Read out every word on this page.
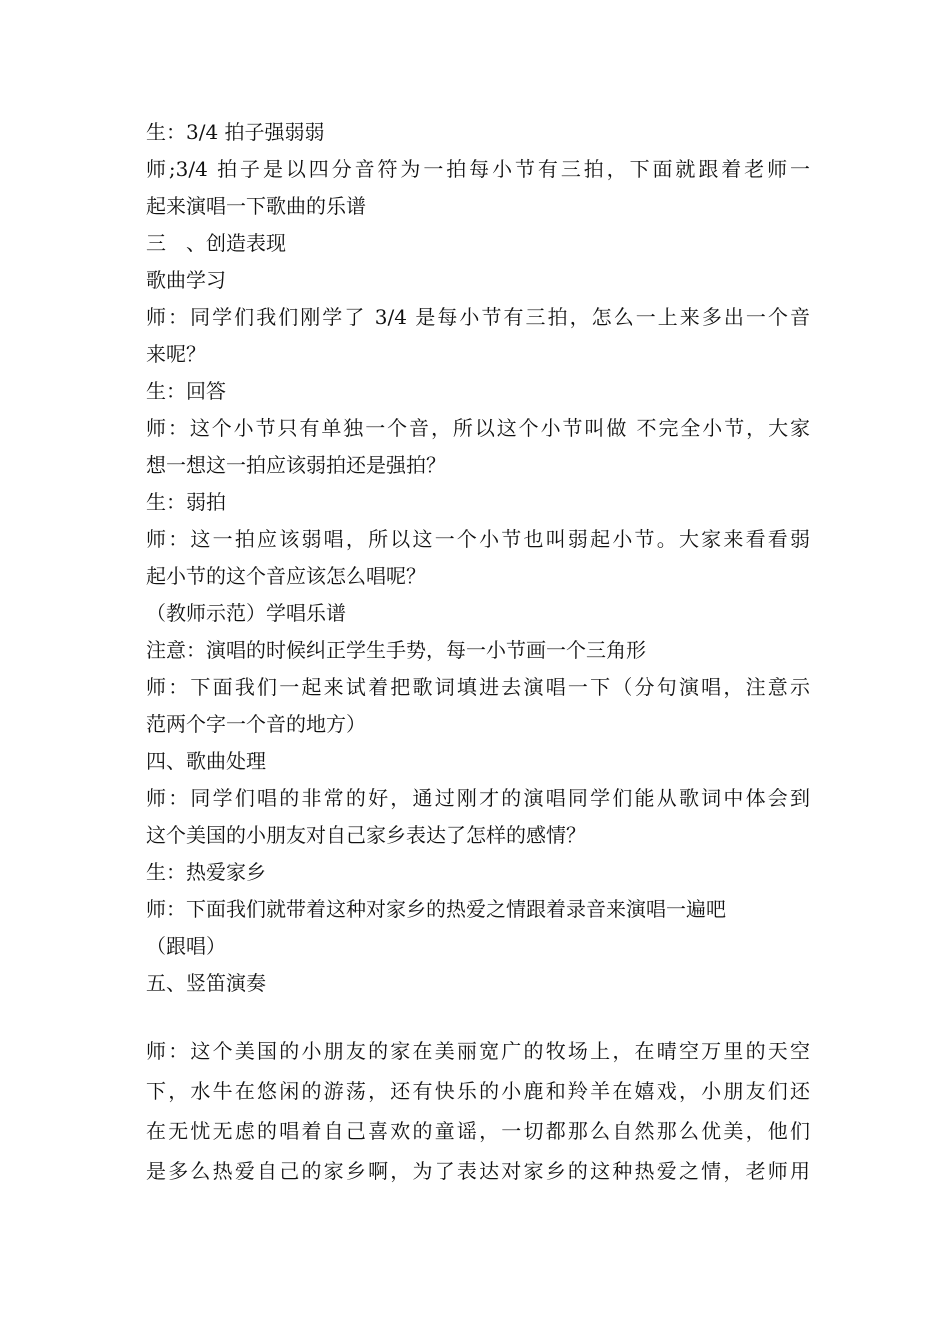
生：3/4 拍子强弱弱
师;3/4 拍子是以四分音符为一拍每小节有三拍，下面就跟着老师一
起来演唱一下歌曲的乐谱
三　、创造表现
歌曲学习
师：同学们我们刚学了 3/4 是每小节有三拍，怎么一上来多出一个音
来呢？
生：回答
师：这个小节只有单独一个音，所以这个小节叫做 不完全小节，大家
想一想这一拍应该弱拍还是强拍？
生：弱拍
师：这一拍应该弱唱，所以这一个小节也叫弱起小节。大家来看看弱
起小节的这个音应该怎么唱呢？
（教师示范）学唱乐谱
注意：演唱的时候纠正学生手势，每一小节画一个三角形
师：下面我们一起来试着把歌词填进去演唱一下（分句演唱，注意示
范两个字一个音的地方）
四、歌曲处理
师：同学们唱的非常的好，通过刚才的演唱同学们能从歌词中体会到
这个美国的小朋友对自己家乡表达了怎样的感情？
生：热爱家乡
师：下面我们就带着这种对家乡的热爱之情跟着录音来演唱一遍吧
（跟唱）
五、竖笛演奏
师：这个美国的小朋友的家在美丽宽广的牧场上，在晴空万里的天空
下，水牛在悠闲的游荡，还有快乐的小鹿和羚羊在嬉戏，小朋友们还
在无忧无虑的唱着自己喜欢的童谣，一切都那么自然那么优美，他们
是多么热爱自己的家乡啊，为了表达对家乡的这种热爱之情，老师用
